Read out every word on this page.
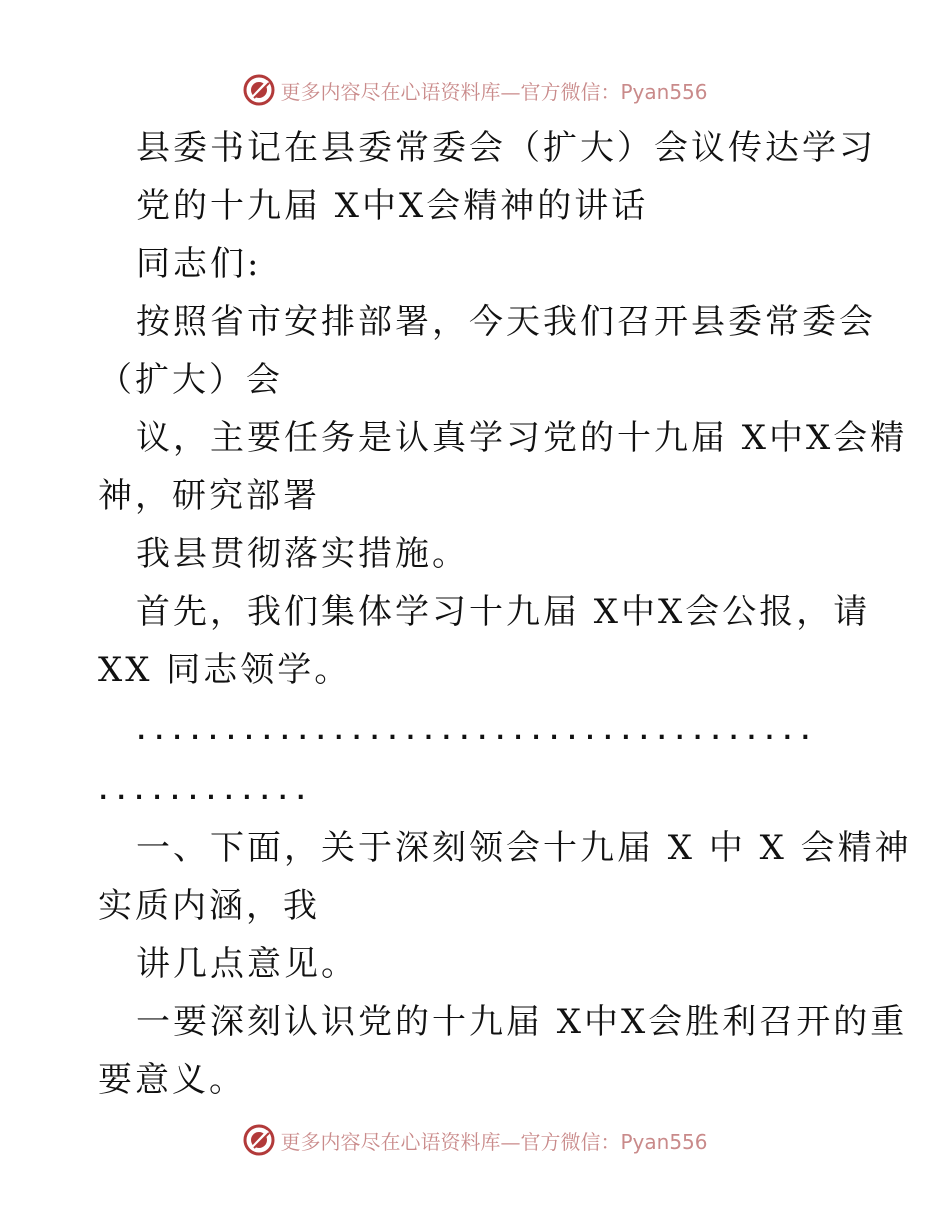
更多内容尽在心语资料库—官方微信：Pyan556
县委书记在县委常委会（扩大）会议传达学习
党的十九届 X中X会精神的讲话
同志们:
按照省市安排部署，今天我们召开县委常委会
（扩大）会
议，主要任务是认真学习党的十九届 X中X会精
神，研究部署
我县贯彻落实措施。
首先，我们集体学习十九届 X中X会公报，请
XX 同志领学。
......................................
............
一、下面，关于深刻领会十九届 X 中 X 会精神
实质内涵，我
讲几点意见。
一要深刻认识党的十九届 X中X会胜利召开的重
要意义。
更多内容尽在心语资料库—官方微信：Pyan556
